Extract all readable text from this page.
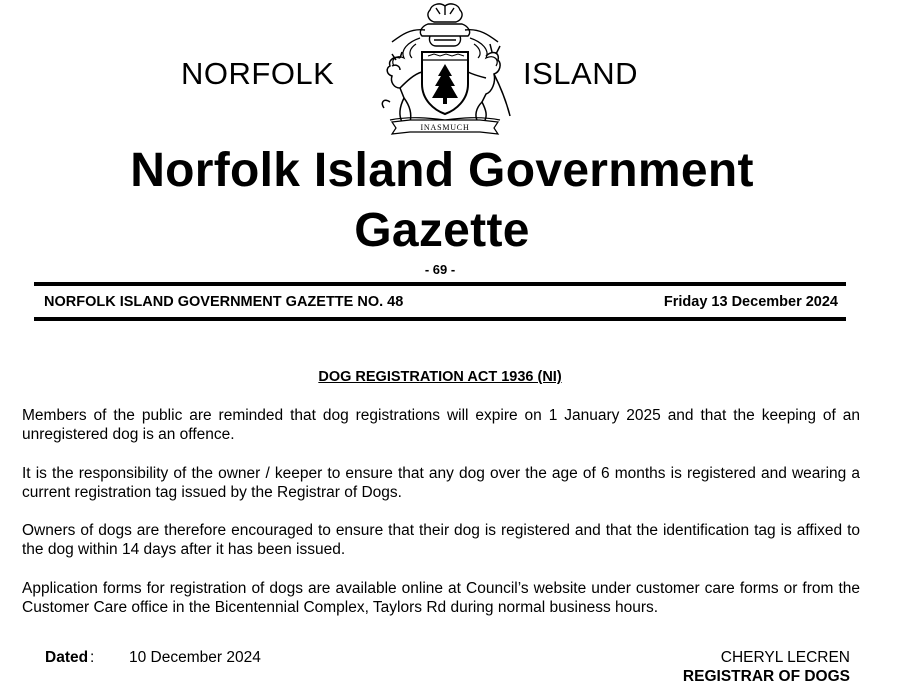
NORFOLK
INASMUCH
ISLAND
Norfolk Island Government
Gazette
- 69 -
NORFOLK ISLAND GOVERNMENT GAZETTE NO. 48	Friday 13 December 2024
DOG REGISTRATION ACT 1936 (NI)
Members of the public are reminded that dog registrations will expire on 1 January 2025 and that the keeping of an unregistered dog is an offence.
It is the responsibility of the owner / keeper to ensure that any dog over the age of 6 months is registered and wearing a current registration tag issued by the Registrar of Dogs.
Owners of dogs are therefore encouraged to ensure that their dog is registered and that the identification tag is affixed to the dog within 14 days after it has been issued.
Application forms for registration of dogs are available online at Council’s website under customer care forms or from the Customer Care office in the Bicentennial Complex, Taylors Rd during normal business hours.
Dated : 10 December 2024	CHERYL LECREN
REGISTRAR OF DOGS
